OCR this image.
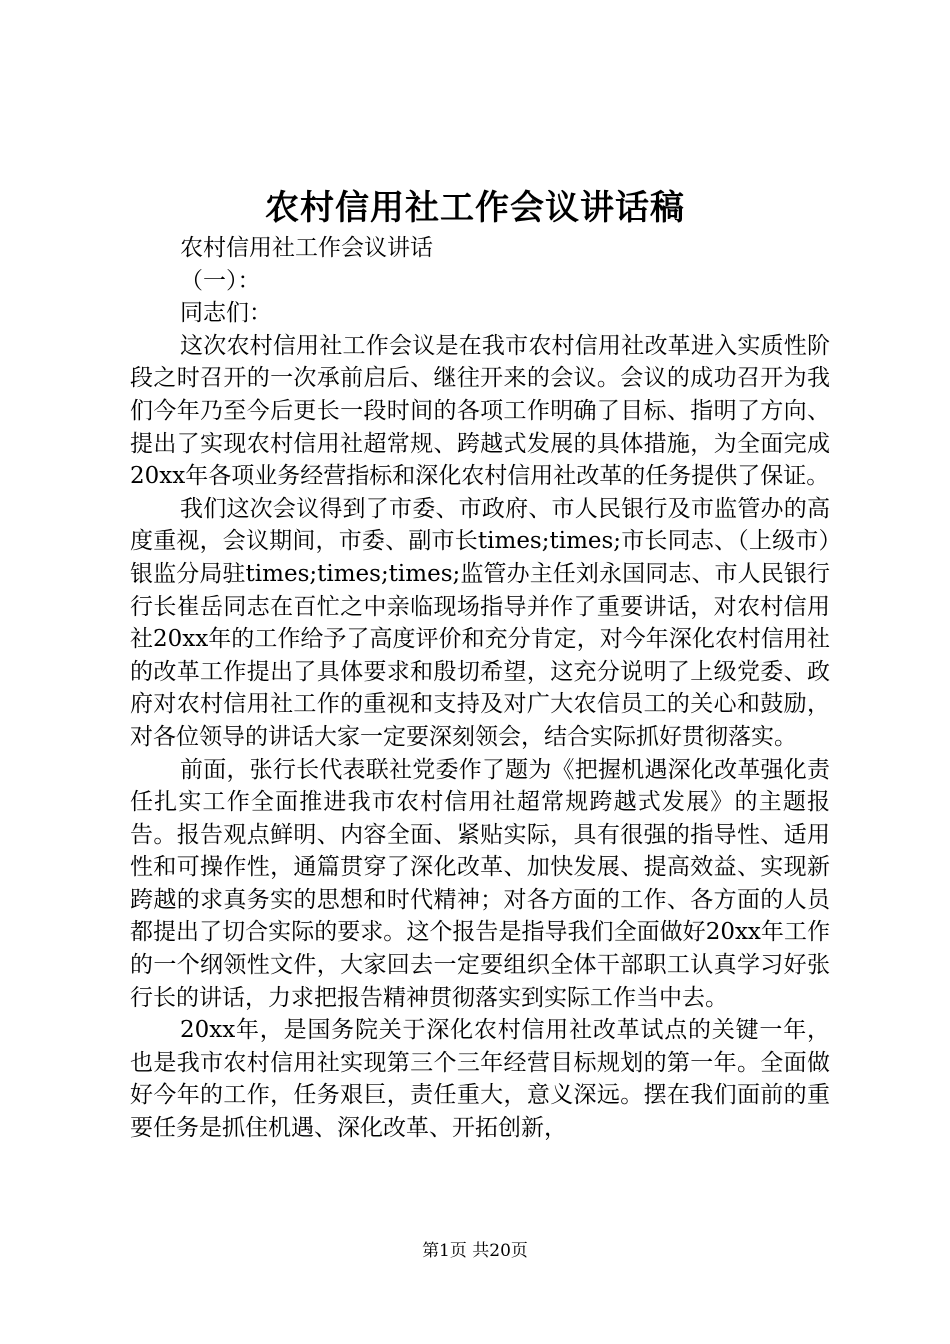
农村信用社工作会议讲话稿

农村信用社工作会议讲话

（一）：

同志们：

这次农村信用社工作会议是在我市农村信用社改革进入实质性阶段之时召开的一次承前启后、继往开来的会议。会议的成功召开为我们今年乃至今后更长一段时间的各项工作明确了目标、指明了方向、提出了实现农村信用社超常规、跨越式发展的具体措施，为全面完成20xx年各项业务经营指标和深化农村信用社改革的任务提供了保证。

我们这次会议得到了市委、市政府、市人民银行及市监管办的高度重视，会议期间，市委、副市长times;times;市长同志、（上级市）银监分局驻times;times;times;监管办主任刘永国同志、市人民银行行长崔岳同志在百忙之中亲临现场指导并作了重要讲话，对农村信用社20xx年的工作给予了高度评价和充分肯定，对今年深化农村信用社的改革工作提出了具体要求和殷切希望，这充分说明了上级党委、政府对农村信用社工作的重视和支持及对广大农信员工的关心和鼓励，对各位领导的讲话大家一定要深刻领会，结合实际抓好贯彻落实。

前面，张行长代表联社党委作了题为《把握机遇深化改革强化责任扎实工作全面推进我市农村信用社超常规跨越式发展》的主题报告。报告观点鲜明、内容全面、紧贴实际，具有很强的指导性、适用性和可操作性，通篇贯穿了深化改革、加快发展、提高效益、实现新跨越的求真务实的思想和时代精神；对各方面的工作、各方面的人员都提出了切合实际的要求。这个报告是指导我们全面做好20xx年工作的一个纲领性文件，大家回去一定要组织全体干部职工认真学习好张行长的讲话，力求把报告精神贯彻落实到实际工作当中去。

20xx年，是国务院关于深化农村信用社改革试点的关键一年，也是我市农村信用社实现第三个三年经营目标规划的第一年。全面做好今年的工作，任务艰巨，责任重大，意义深远。摆在我们面前的重要任务是抓住机遇、深化改革、开拓创新，

第1页 共20页
